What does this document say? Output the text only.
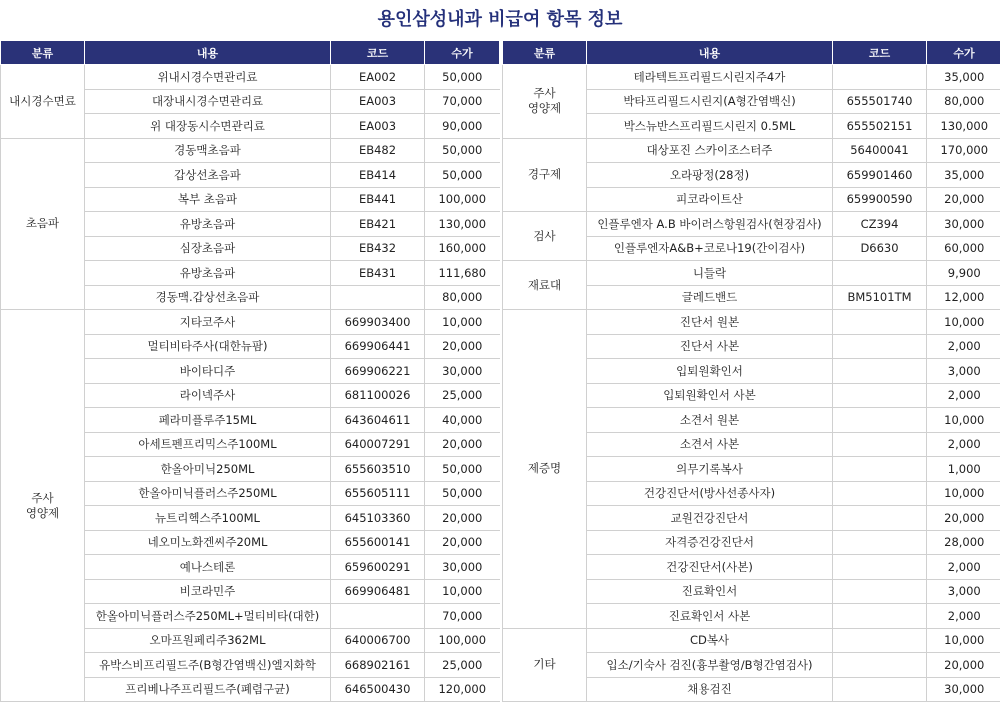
용인삼성내과 비급여 항목 정보
분류	내용	코드	수가
내시경수면료	위내시경수면관리료	EA002	50,000
	대장내시경수면관리료	EA003	70,000
	위 대장동시수면관리료	EA003	90,000
초음파	경동맥초음파	EB482	50,000
	갑상선초음파	EB414	50,000
	복부 초음파	EB441	100,000
	유방초음파	EB421	130,000
	심장초음파	EB432	160,000
	유방초음파	EB431	111,680
	경동맥.갑상선초음파		80,000
주사
영양제	지타코주사	669903400	10,000
	멀티비타주사(대한뉴팜)	669906441	20,000
	바이타디주	669906221	30,000
	라이넥주사	681100026	25,000
	페라미플루주15ML	643604611	40,000
	아세트펜프리믹스주100ML	640007291	20,000
	한올아미닉250ML	655603510	50,000
	한올아미닉플러스주250ML	655605111	50,000
	뉴트리헥스주100ML	645103360	20,000
	네오미노화겐씨주20ML	655600141	20,000
	예나스테론	659600291	30,000
	비코라민주	669906481	10,000
	한올아미닉플러스주250ML+멀티비타(대한)		70,000
	오마프원페리주362ML	640006700	100,000
	유박스비프리필드주(B형간염백신)엘지화학	668902161	25,000
	프리베나주프리필드주(폐렴구균)	646500430	120,000
분류	내용	코드	수가
주사
영양제	테라텍트프리필드시린지주4가		35,000
	박타프리필드시린지(A형간염백신)	655501740	80,000
	박스뉴반스프리필드시린지 0.5ML	655502151	130,000
경구제	대상포진 스카이조스터주	56400041	170,000
	오라팡정(28정)	659901460	35,000
	피코라이트산	659900590	20,000
검사	인플루엔자 A.B 바이러스항원검사(현장검사)	CZ394	30,000
	인플루엔자A&B+코로나19(간이검사)	D6630	60,000
재료대	니들락		9,900
	글레드밴드	BM5101TM	12,000
제증명	진단서 원본		10,000
	진단서 사본		2,000
	입퇴원확인서		3,000
	입퇴원확인서 사본		2,000
	소견서 원본		10,000
	소견서 사본		2,000
	의무기록복사		1,000
	건강진단서(방사선종사자)		10,000
	교원건강진단서		20,000
	자격증건강진단서		28,000
	건강진단서(사본)		2,000
	진료확인서		3,000
	진료확인서 사본		2,000
기타	CD복사		10,000
	입소/기숙사 검진(흉부촬영/B형간염검사)		20,000
	채용검진		30,000
